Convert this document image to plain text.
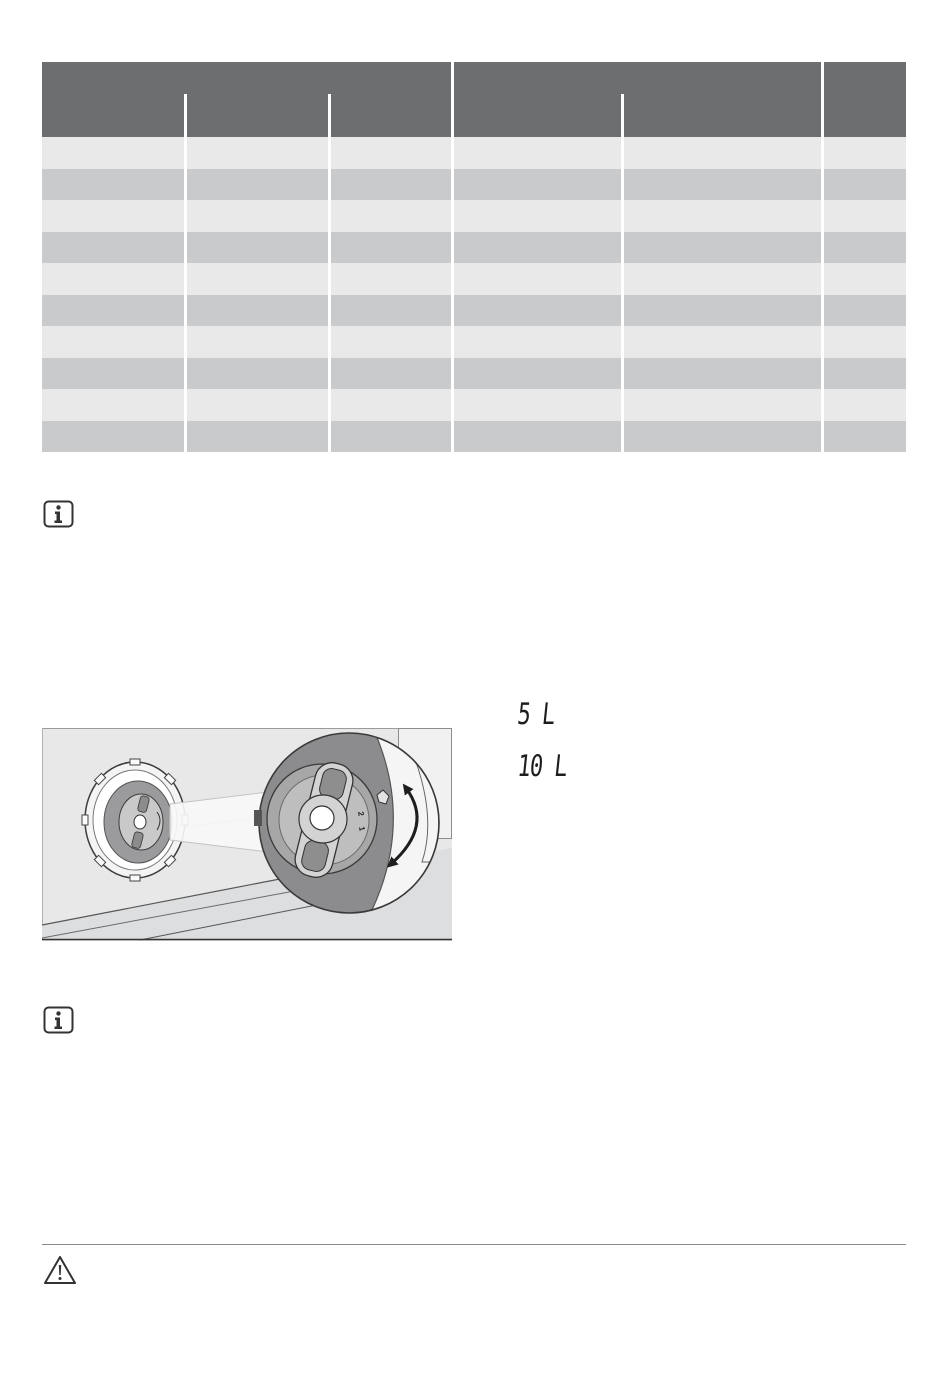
2
1
5 L
10 L
